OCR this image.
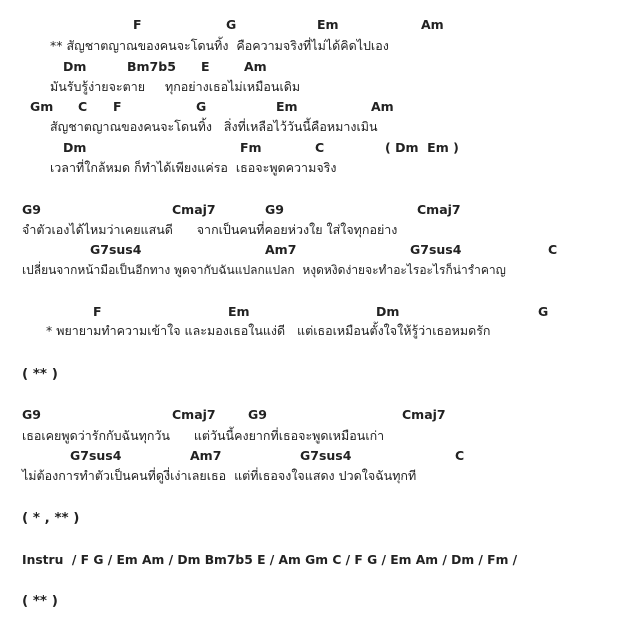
F	G	Em	Am
** สัญชาตญาณของคนจะโดนทิ้ง  คือความจริงที่ไม่ได้คิดไปเอง
Dm	Bm7b5 E	Am
มันรับรู้ง่ายจะตาย     ทุกอย่างเธอไม่เหมือนเดิม
Gm C F	G	Em	Am
สัญชาตญาณของคนจะโดนทิ้ง   สิ่งที่เหลือไว้วันนี้คือหมางเมิน
Dm	Fm	C	( Dm  Em )
เวลาที่ใกล้หมด ก็ทำได้เพียงแค่รอ  เธอจะพูดความจริง
G9	Cmaj7	G9	Cmaj7
จำตัวเองได้ไหมว่าเคยแสนดี      จากเป็นคนที่คอยห่วงใย ใส่ใจทุกอย่าง
G7sus4	Am7	G7sus4	C
เปลี่ยนจากหน้ามือเป็นอีกทาง พูดจากับฉันแปลกแปลก  หงุดหงิดง่ายจะทำอะไรอะไรก็น่ารำคาญ
F	Em	Dm	G
* พยายามทำความเข้าใจ และมองเธอในแง่ดี   แต่เธอเหมือนตั้งใจให้รู้ว่าเธอหมดรัก
( ** )
G9	Cmaj7	G9	Cmaj7
เธอเคยพูดว่ารักกับฉันทุกวัน      แต่วันนี้คงยากที่เธอจะพูดเหมือนเก่า
G7sus4	Am7	G7sus4	C
ไม่ต้องการทำตัวเป็นคนที่ดูงี่เง่าเลยเธอ  แต่ที่เธอจงใจแสดง ปวดใจฉันทุกที
( * , ** )
Instru  / F G / Em Am / Dm Bm7b5 E / Am Gm C / F G / Em Am / Dm / Fm /
( ** )
